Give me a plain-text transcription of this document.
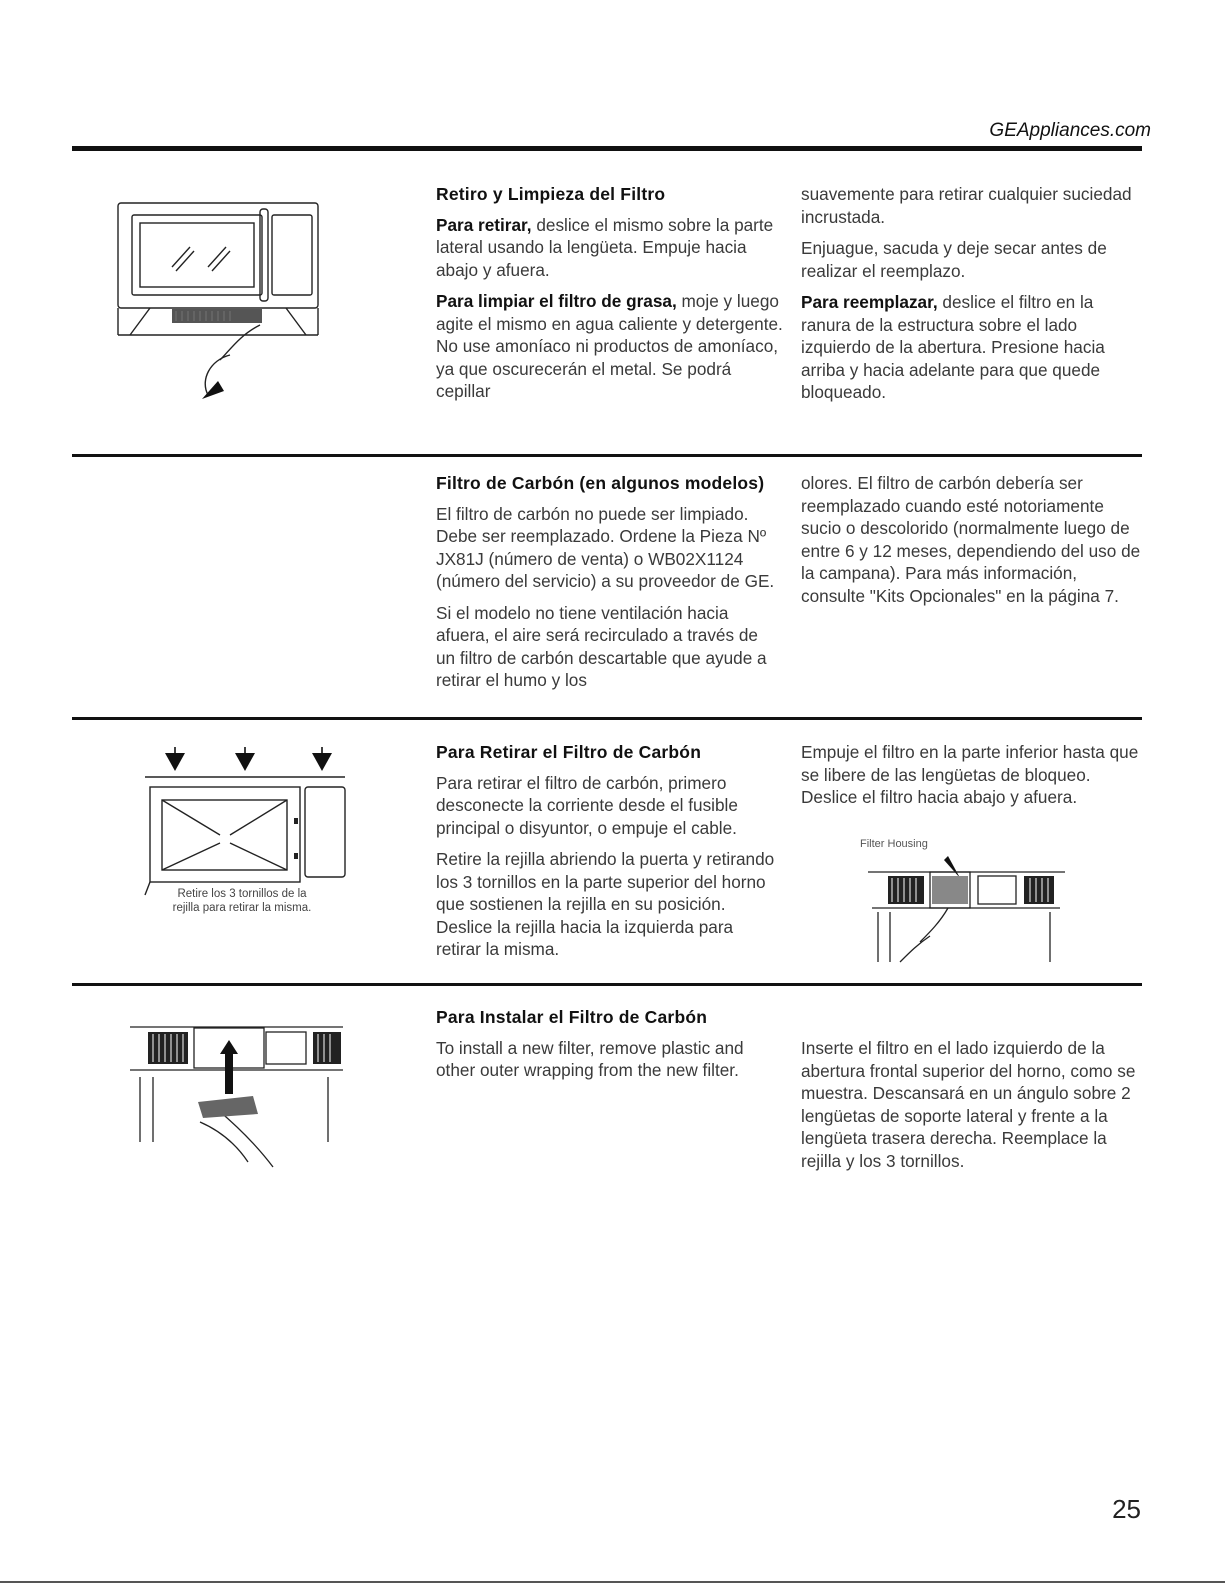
GEAppliances.com
Retiro y Limpieza del Filtro

Para retirar, deslice el mismo sobre la parte lateral usando la lengüeta. Empuje hacia abajo y afuera.

Para limpiar el filtro de grasa, moje y luego agite el mismo en agua caliente y detergente. No use amoníaco ni productos de amoníaco, ya que oscurecerán el metal. Se podrá cepillar

suavemente para retirar cualquier suciedad incrustada.

Enjuague, sacuda y deje secar antes de realizar el reemplazo.

Para reemplazar, deslice el filtro en la ranura de la estructura sobre el lado izquierdo de la abertura. Presione hacia arriba y hacia adelante para que quede bloqueado.

Filtro de Carbón (en algunos modelos)

El filtro de carbón no puede ser limpiado. Debe ser reemplazado. Ordene la Pieza Nº JX81J (número de venta) o WB02X1124 (número del servicio) a su proveedor de GE.

Si el modelo no tiene ventilación hacia afuera, el aire será recirculado a través de un filtro de carbón descartable que ayude a retirar el humo y los

olores. El filtro de carbón debería ser reemplazado cuando esté notoriamente sucio o descolorido (normalmente luego de entre 6 y 12 meses, dependiendo del uso de la campana). Para más información, consulte "Kits Opcionales" en la página 7.

Retire los 3 tornillos de la rejilla para retirar la misma.
Para Retirar el Filtro de Carbón

Para retirar el filtro de carbón, primero desconecte la corriente desde el fusible principal o disyuntor, o empuje el cable.

Retire la rejilla abriendo la puerta y retirando los 3 tornillos en la parte superior del horno que sostienen la rejilla en su posición. Deslice la rejilla hacia la izquierda para retirar la misma.

Empuje el filtro en la parte inferior hasta que se libere de las lengüetas de bloqueo. Deslice el filtro hacia abajo y afuera.

Filter Housing
Para Instalar el Filtro de Carbón

To install a new filter, remove plastic and other outer wrapping from the new filter.

Inserte el filtro en el lado izquierdo de la abertura frontal superior del horno, como se muestra. Descansará en un ángulo sobre 2 lengüetas de soporte lateral y frente a la lengüeta trasera derecha. Reemplace la rejilla y los 3 tornillos.

25
